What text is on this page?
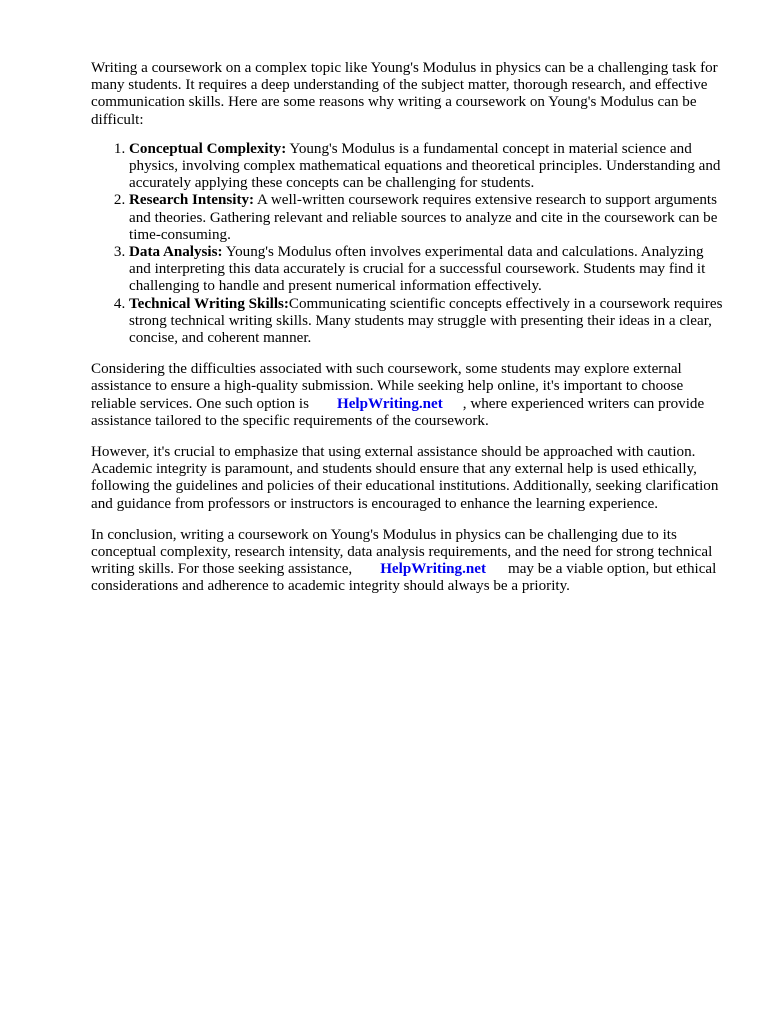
Writing a coursework on a complex topic like Young's Modulus in physics can be a challenging task for many students. It requires a deep understanding of the subject matter, thorough research, and effective communication skills. Here are some reasons why writing a coursework on Young's Modulus can be difficult:

1. Conceptual Complexity: Young's Modulus is a fundamental concept in material science and physics, involving complex mathematical equations and theoretical principles. Understanding and accurately applying these concepts can be challenging for students.
2. Research Intensity: A well-written coursework requires extensive research to support arguments and theories. Gathering relevant and reliable sources to analyze and cite in the coursework can be time-consuming.
3. Data Analysis: Young's Modulus often involves experimental data and calculations. Analyzing and interpreting this data accurately is crucial for a successful coursework. Students may find it challenging to handle and present numerical information effectively.
4. Technical Writing Skills:Communicating scientific concepts effectively in a coursework requires strong technical writing skills. Many students may struggle with presenting their ideas in a clear, concise, and coherent manner.

Considering the difficulties associated with such coursework, some students may explore external assistance to ensure a high-quality submission. While seeking help online, it's important to choose reliable services. One such option is HelpWriting.net , where experienced writers can provide assistance tailored to the specific requirements of the coursework.

However, it's crucial to emphasize that using external assistance should be approached with caution. Academic integrity is paramount, and students should ensure that any external help is used ethically, following the guidelines and policies of their educational institutions. Additionally, seeking clarification and guidance from professors or instructors is encouraged to enhance the learning experience.

In conclusion, writing a coursework on Young's Modulus in physics can be challenging due to its conceptual complexity, research intensity, data analysis requirements, and the need for strong technical writing skills. For those seeking assistance, HelpWriting.net may be a viable option, but ethical considerations and adherence to academic integrity should always be a priority.
